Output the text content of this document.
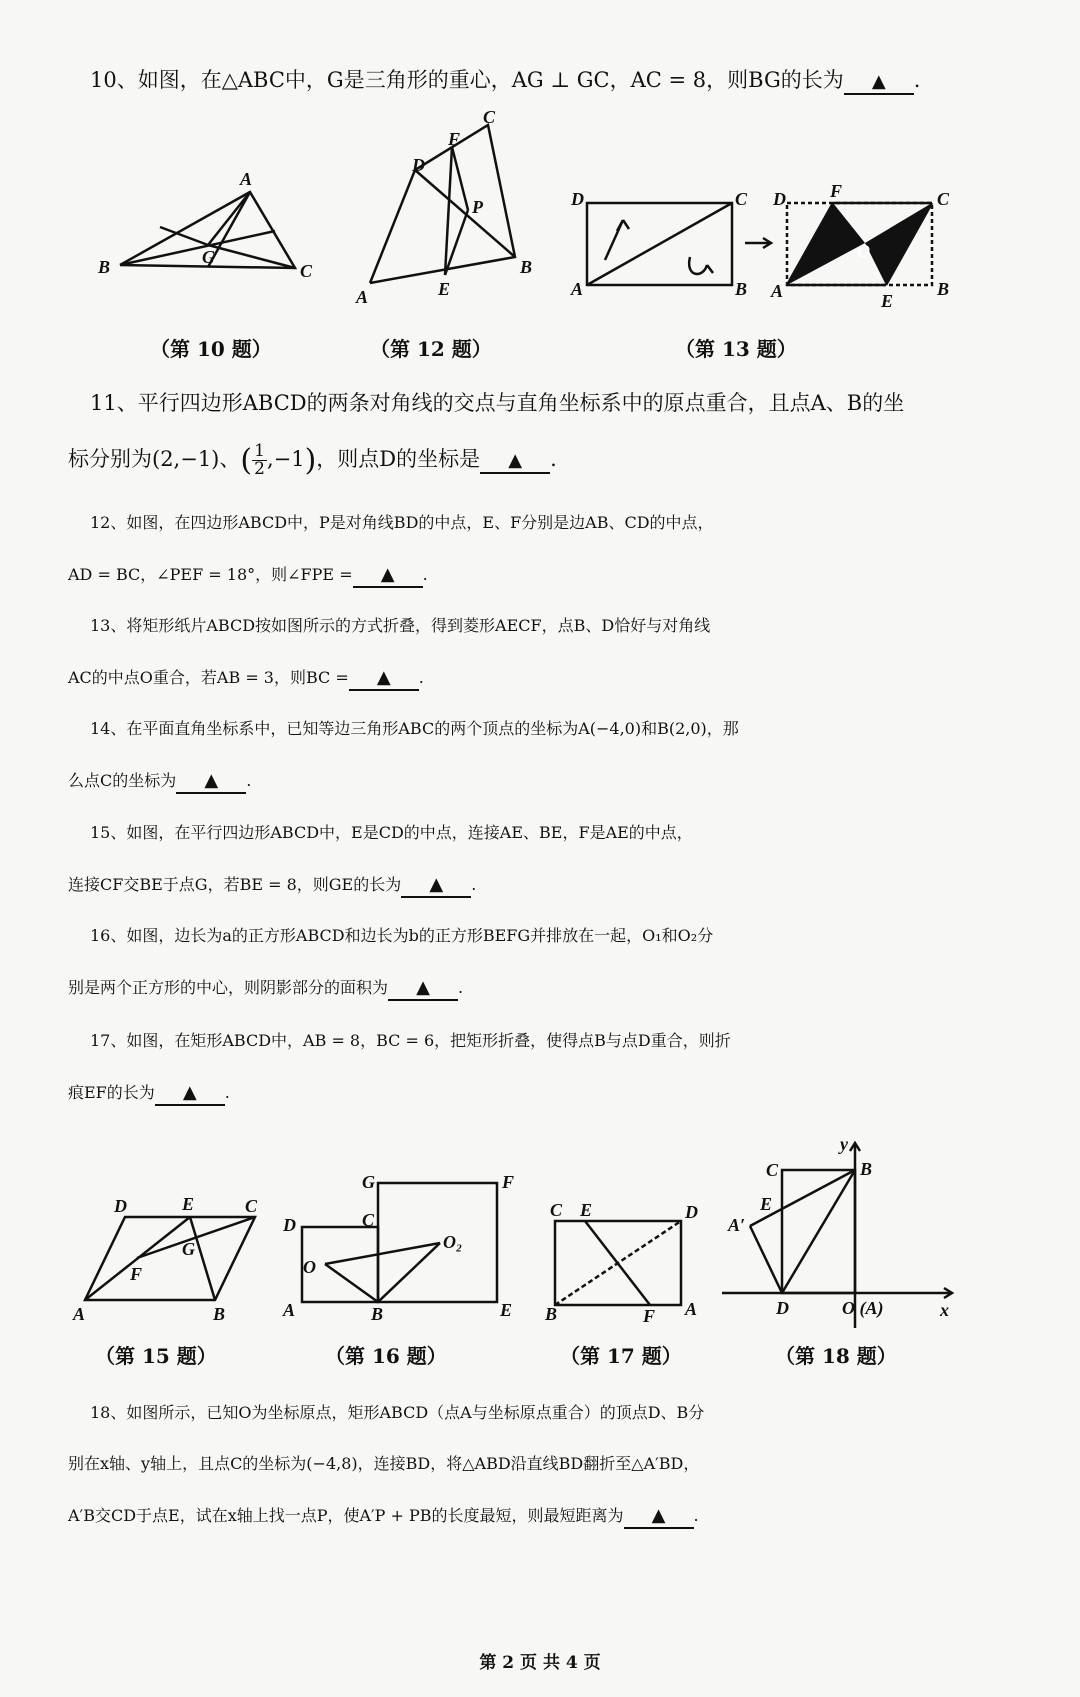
10、如图，在△ABC中，G是三角形的重心，AG ⊥ GC，AC = 8，则BG的长为 ▲ .
A
B	C
G
（第 10 题）
A
B
C
D
E
F
P
（第 12 题）
A	B
C
D
A	B
C
D
E
F
O
（第 13 题）
11、平行四边形ABCD的两条对角线的交点与直角坐标系中的原点重合，且点A、B的坐
标分别为(2,−1)、( $\frac{1}{2} ,-1$)，则点D的坐标是 ▲ .
12、如图，在四边形ABCD中，P是对角线BD的中点，E、F分别是边AB、CD的中点，
AD = BC，∠PEF = 18°，则∠FPE = ▲ .
13、将矩形纸片ABCD按如图所示的方式折叠，得到菱形AECF，点B、D恰好与对角线
AC的中点O重合，若AB = 3，则BC = ▲ .
14、在平面直角坐标系中，已知等边三角形ABC的两个顶点的坐标为A(−4,0)和B(2,0)，那
么点C的坐标为 ▲ .
15、如图，在平行四边形ABCD中，E是CD的中点，连接AE、BE，F是AE的中点，
连接CF交BE于点G，若BE = 8，则GE的长为 ▲ .
16、如图，边长为a的正方形ABCD和边长为b的正方形BEFG并排放在一起，O₁和O₂分
别是两个正方形的中心，则阴影部分的面积为 ▲ .
17、如图，在矩形ABCD中，AB = 8，BC = 6，把矩形折叠，使得点B与点D重合，则折
痕EF的长为 ▲ .
A	B
C
D	E
F
G
（第 15 题）
D	C
G	F
A	B	E
O
O₂
（第 16 题）
C E	D
B	F A
（第 17 题）
C	B
E
A′
D	O (A)	x
y
（第 18 题）
18、如图所示，已知O为坐标原点，矩形ABCD（点A与坐标原点重合）的顶点D、B分
别在x轴、y轴上，且点C的坐标为(−4,8)，连接BD，将△ABD沿直线BD翻折至△A′BD，
A′B交CD于点E，试在x轴上找一点P，使A′P + PB的长度最短，则最短距离为 ▲ .
第 2 页 共 4 页
